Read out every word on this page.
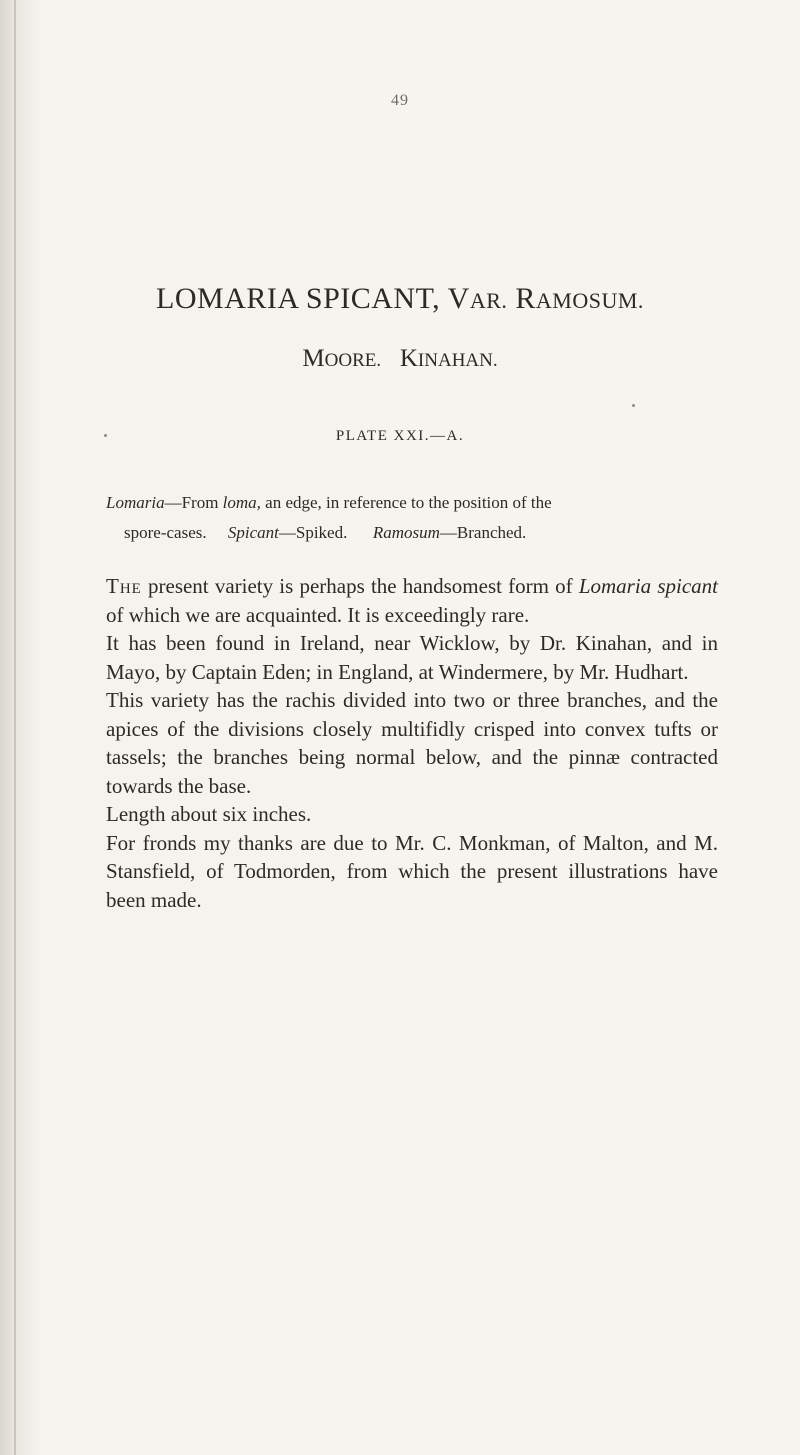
49
LOMARIA SPICANT, VAR. RAMOSUM.
MOORE. KINAHAN.
PLATE XXI.—A.
Lomaria—From loma, an edge, in reference to the position of the
spore-cases. Spicant—Spiked. Ramosum—Branched.

The present variety is perhaps the handsomest form of Lomaria spicant of which we are acquainted. It is exceedingly rare.

It has been found in Ireland, near Wicklow, by Dr. Kinahan, and in Mayo, by Captain Eden; in England, at Windermere, by Mr. Hudhart.

This variety has the rachis divided into two or three branches, and the apices of the divisions closely multifidly crisped into convex tufts or tassels; the branches being normal below, and the pinnæ contracted towards the base.

Length about six inches.

For fronds my thanks are due to Mr. C. Monkman, of Malton, and M. Stansfield, of Todmorden, from which the present illustrations have been made.
